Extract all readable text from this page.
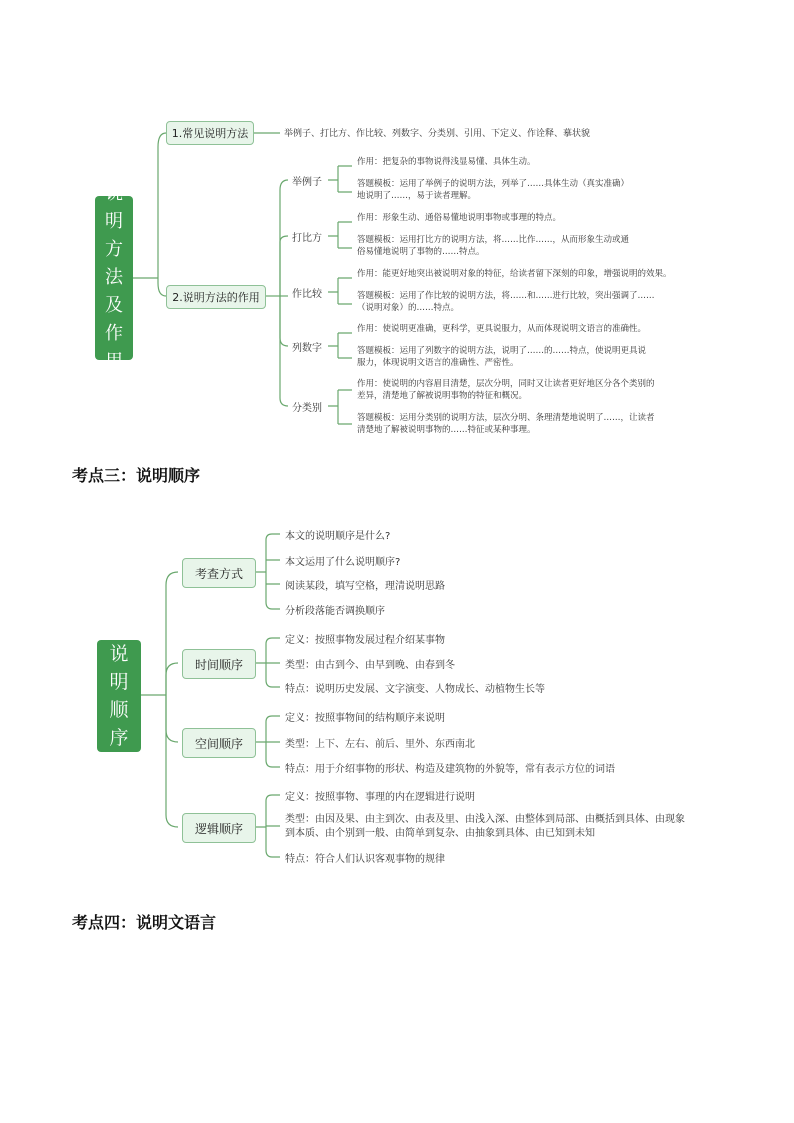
说明方法及作用
1.常见说明方法	举例子、打比方、作比较、列数字、分类别、引用、下定义、作诠释、摹状貌
2.说明方法的作用
举例子
打比方
作比较
列数字
分类别
作用：把复杂的事物说得浅显易懂、具体生动。
答题模板：运用了举例子的说明方法，列举了……具体生动（真实准确）地说明了……，易于读者理解。
作用：形象生动、通俗易懂地说明事物或事理的特点。
答题模板：运用打比方的说明方法，将……比作……，从而形象生动或通俗易懂地说明了事物的……特点。
作用：能更好地突出被说明对象的特征，给读者留下深刻的印象，增强说明的效果。
答题模板：运用了作比较的说明方法，将……和……进行比较，突出强调了……（说明对象）的……特点。
作用：使说明更准确，更科学，更具说服力，从而体现说明文语言的准确性。
答题模板：运用了列数字的说明方法，说明了……的……特点，使说明更具说服力，体现说明文语言的准确性、严密性。
作用：使说明的内容眉目清楚，层次分明，同时又让读者更好地区分各个类别的差异，清楚地了解被说明事物的特征和概况。
答题模板：运用分类别的说明方法，层次分明、条理清楚地说明了……，让读者清楚地了解被说明事物的……特征或某种事理。
考点三：说明顺序
说明顺序
考查方式
时间顺序
空间顺序
逻辑顺序
本文的说明顺序是什么?
本文运用了什么说明顺序?
阅读某段，填写空格，理清说明思路
分析段落能否调换顺序
定义：按照事物发展过程介绍某事物
类型：由古到今、由早到晚、由春到冬
特点：说明历史发展、文字演变、人物成长、动植物生长等
定义：按照事物间的结构顺序来说明
类型：上下、左右、前后、里外、东西南北
特点：用于介绍事物的形状、构造及建筑物的外貌等，常有表示方位的词语
定义：按照事物、事理的内在逻辑进行说明
类型：由因及果、由主到次、由表及里、由浅入深、由整体到局部、由概括到具体、由现象到本质、由个别到一般、由简单到复杂、由抽象到具体、由已知到未知
特点：符合人们认识客观事物的规律
考点四：说明文语言
